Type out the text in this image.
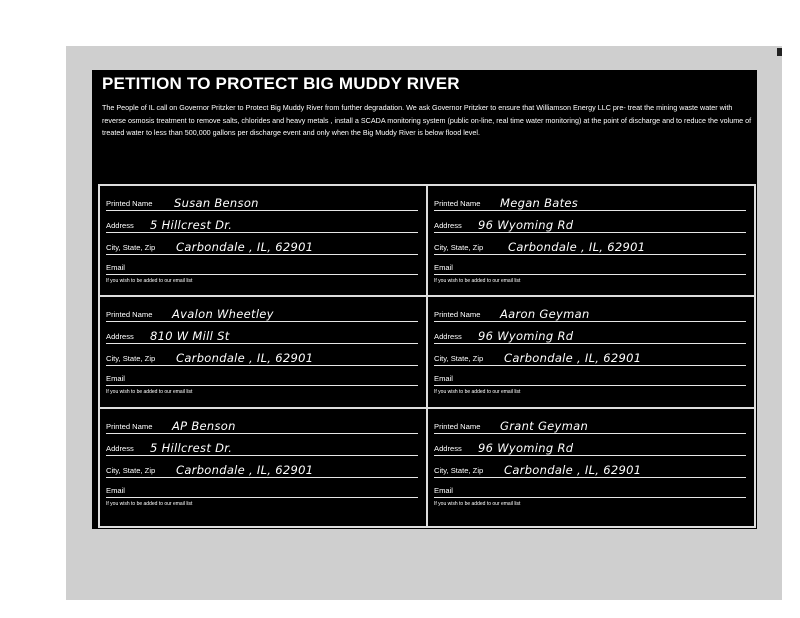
PETITION TO PROTECT BIG MUDDY RIVER
The People of IL call on Governor Pritzker to Protect Big Muddy River from further degradation. We ask Governor Pritzker to ensure that Williamson Energy LLC pre- treat the mining waste water with reverse osmosis treatment to remove salts, chlorides and heavy metals , install a SCADA monitoring system (public on-line, real time water monitoring) at the point of discharge and to reduce the volume of treated water to less than 500,000 gallons per discharge event and only when the Big Muddy River is below flood level.
Printed Name Susan Benson
Address 5 Hillcrest Dr.
City, State, Zip Carbondale , IL, 62901
Email
If you wish to be added to our email list
Printed Name Megan Bates
Address 96 Wyoming Rd
City, State, Zip Carbondale , IL, 62901
Email
If you wish to be added to our email list
Printed Name Avalon Wheetley
Address 810 W Mill St
City, State, Zip Carbondale , IL, 62901
Email
If you wish to be added to our email list
Printed Name Aaron Geyman
Address 96 Wyoming Rd
City, State, Zip Carbondale , IL, 62901
Email
If you wish to be added to our email list
Printed Name AP Benson
Address 5 Hillcrest Dr.
City, State, Zip Carbondale , IL, 62901
Email
If you wish to be added to our email list
Printed Name Grant Geyman
Address 96 Wyoming Rd
City, State, Zip Carbondale , IL, 62901
Email
If you wish to be added to our email list
